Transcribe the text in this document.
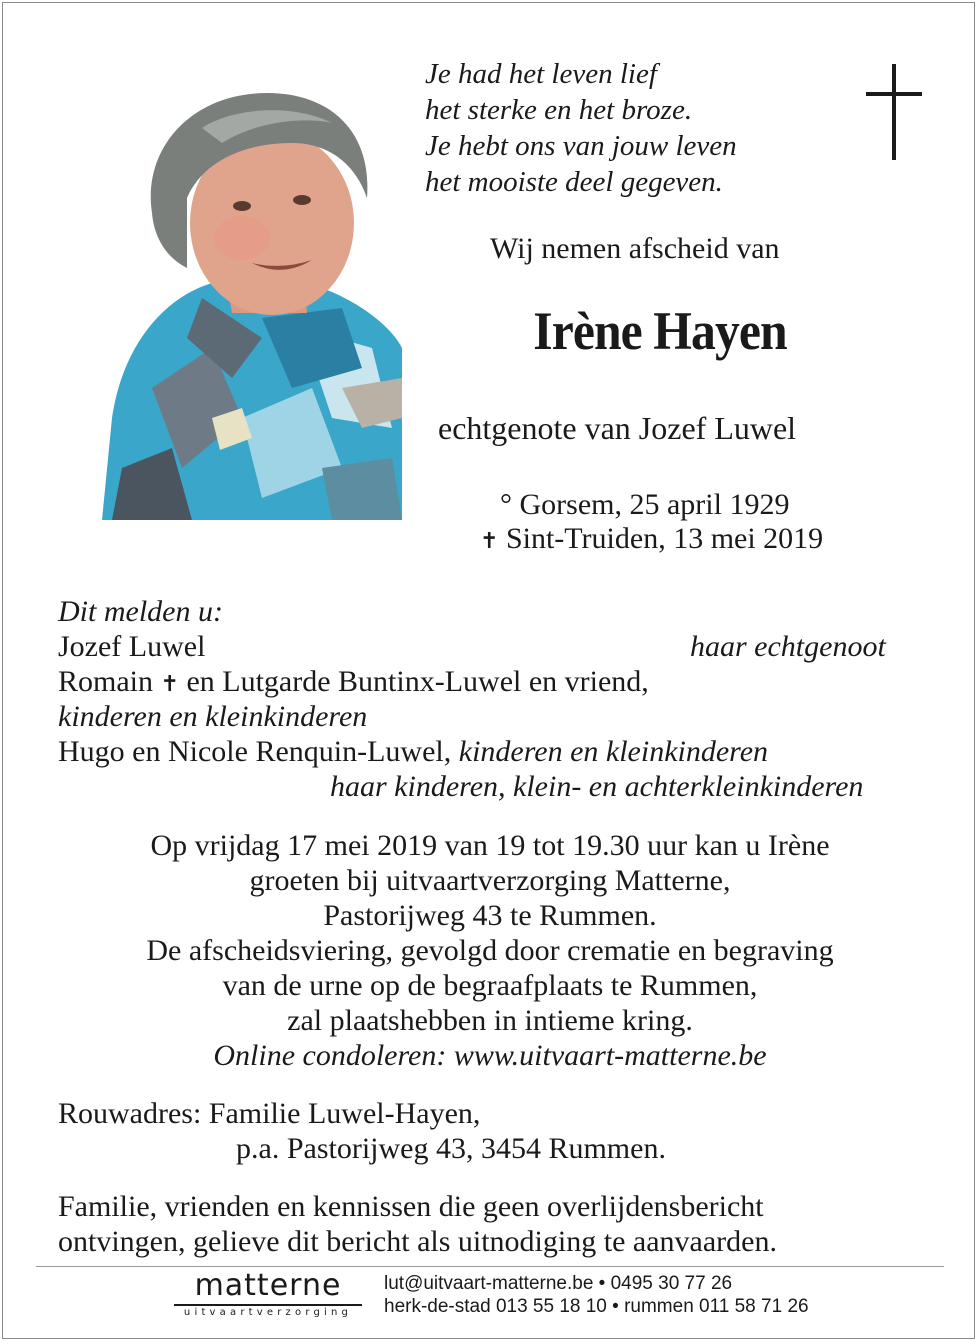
Je had het leven lief
het sterke en het broze.
Je hebt ons van jouw leven
het mooiste deel gegeven.
Wij nemen afscheid van
Irène Hayen
echtgenote van Jozef Luwel
° Gorsem, 25 april 1929
✝ Sint-Truiden, 13 mei 2019
Dit melden u:
Jozef Luwel	haar echtgenoot
Romain ✝ en Lutgarde Buntinx-Luwel en vriend,
kinderen en kleinkinderen
Hugo en Nicole Renquin-Luwel, kinderen en kleinkinderen
haar kinderen, klein- en achterkleinkinderen
Op vrijdag 17 mei 2019 van 19 tot 19.30 uur kan u Irène
groeten bij uitvaartverzorging Matterne,
Pastorijweg 43 te Rummen.
De afscheidsviering, gevolgd door crematie en begraving
van de urne op de begraafplaats te Rummen,
zal plaatshebben in intieme kring.
Online condoleren: www.uitvaart-matterne.be
Rouwadres: Familie Luwel-Hayen,
p.a. Pastorijweg 43, 3454 Rummen.
Familie, vrienden en kennissen die geen overlijdensbericht
ontvingen, gelieve dit bericht als uitnodiging te aanvaarden.
matterne
uitvaartverzorging
lut@uitvaart-matterne.be • 0495 30 77 26
herk-de-stad 013 55 18 10 • rummen 011 58 71 26
